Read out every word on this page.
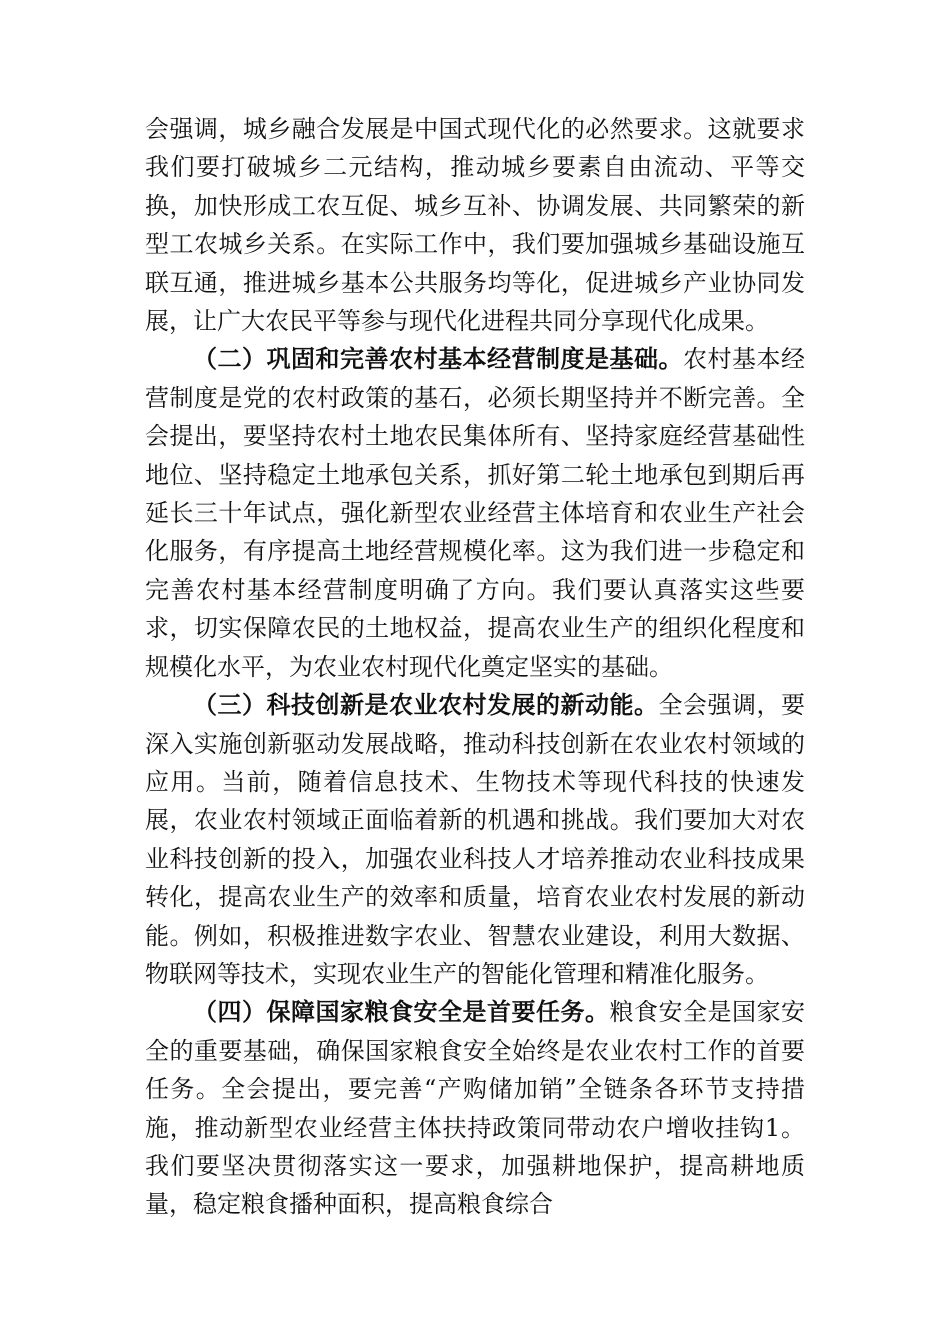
会强调，城乡融合发展是中国式现代化的必然要求。这就要求我们要打破城乡二元结构，推动城乡要素自由流动、平等交换，加快形成工农互促、城乡互补、协调发展、共同繁荣的新型工农城乡关系。在实际工作中，我们要加强城乡基础设施互联互通，推进城乡基本公共服务均等化，促进城乡产业协同发展，让广大农民平等参与现代化进程共同分享现代化成果。

（二）巩固和完善农村基本经营制度是基础。农村基本经营制度是党的农村政策的基石，必须长期坚持并不断完善。全会提出，要坚持农村土地农民集体所有、坚持家庭经营基础性地位、坚持稳定土地承包关系，抓好第二轮土地承包到期后再延长三十年试点，强化新型农业经营主体培育和农业生产社会化服务，有序提高土地经营规模化率。这为我们进一步稳定和完善农村基本经营制度明确了方向。我们要认真落实这些要求，切实保障农民的土地权益，提高农业生产的组织化程度和规模化水平，为农业农村现代化奠定坚实的基础。

（三）科技创新是农业农村发展的新动能。全会强调，要深入实施创新驱动发展战略，推动科技创新在农业农村领域的应用。当前，随着信息技术、生物技术等现代科技的快速发展，农业农村领域正面临着新的机遇和挑战。我们要加大对农业科技创新的投入，加强农业科技人才培养推动农业科技成果转化，提高农业生产的效率和质量，培育农业农村发展的新动能。例如，积极推进数字农业、智慧农业建设，利用大数据、物联网等技术，实现农业生产的智能化管理和精准化服务。

（四）保障国家粮食安全是首要任务。粮食安全是国家安全的重要基础，确保国家粮食安全始终是农业农村工作的首要任务。全会提出，要完善“产购储加销”全链条各环节支持措施，推动新型农业经营主体扶持政策同带动农户增收挂钩1。我们要坚决贯彻落实这一要求，加强耕地保护，提高耕地质量，稳定粮食播种面积，提高粮食综合
